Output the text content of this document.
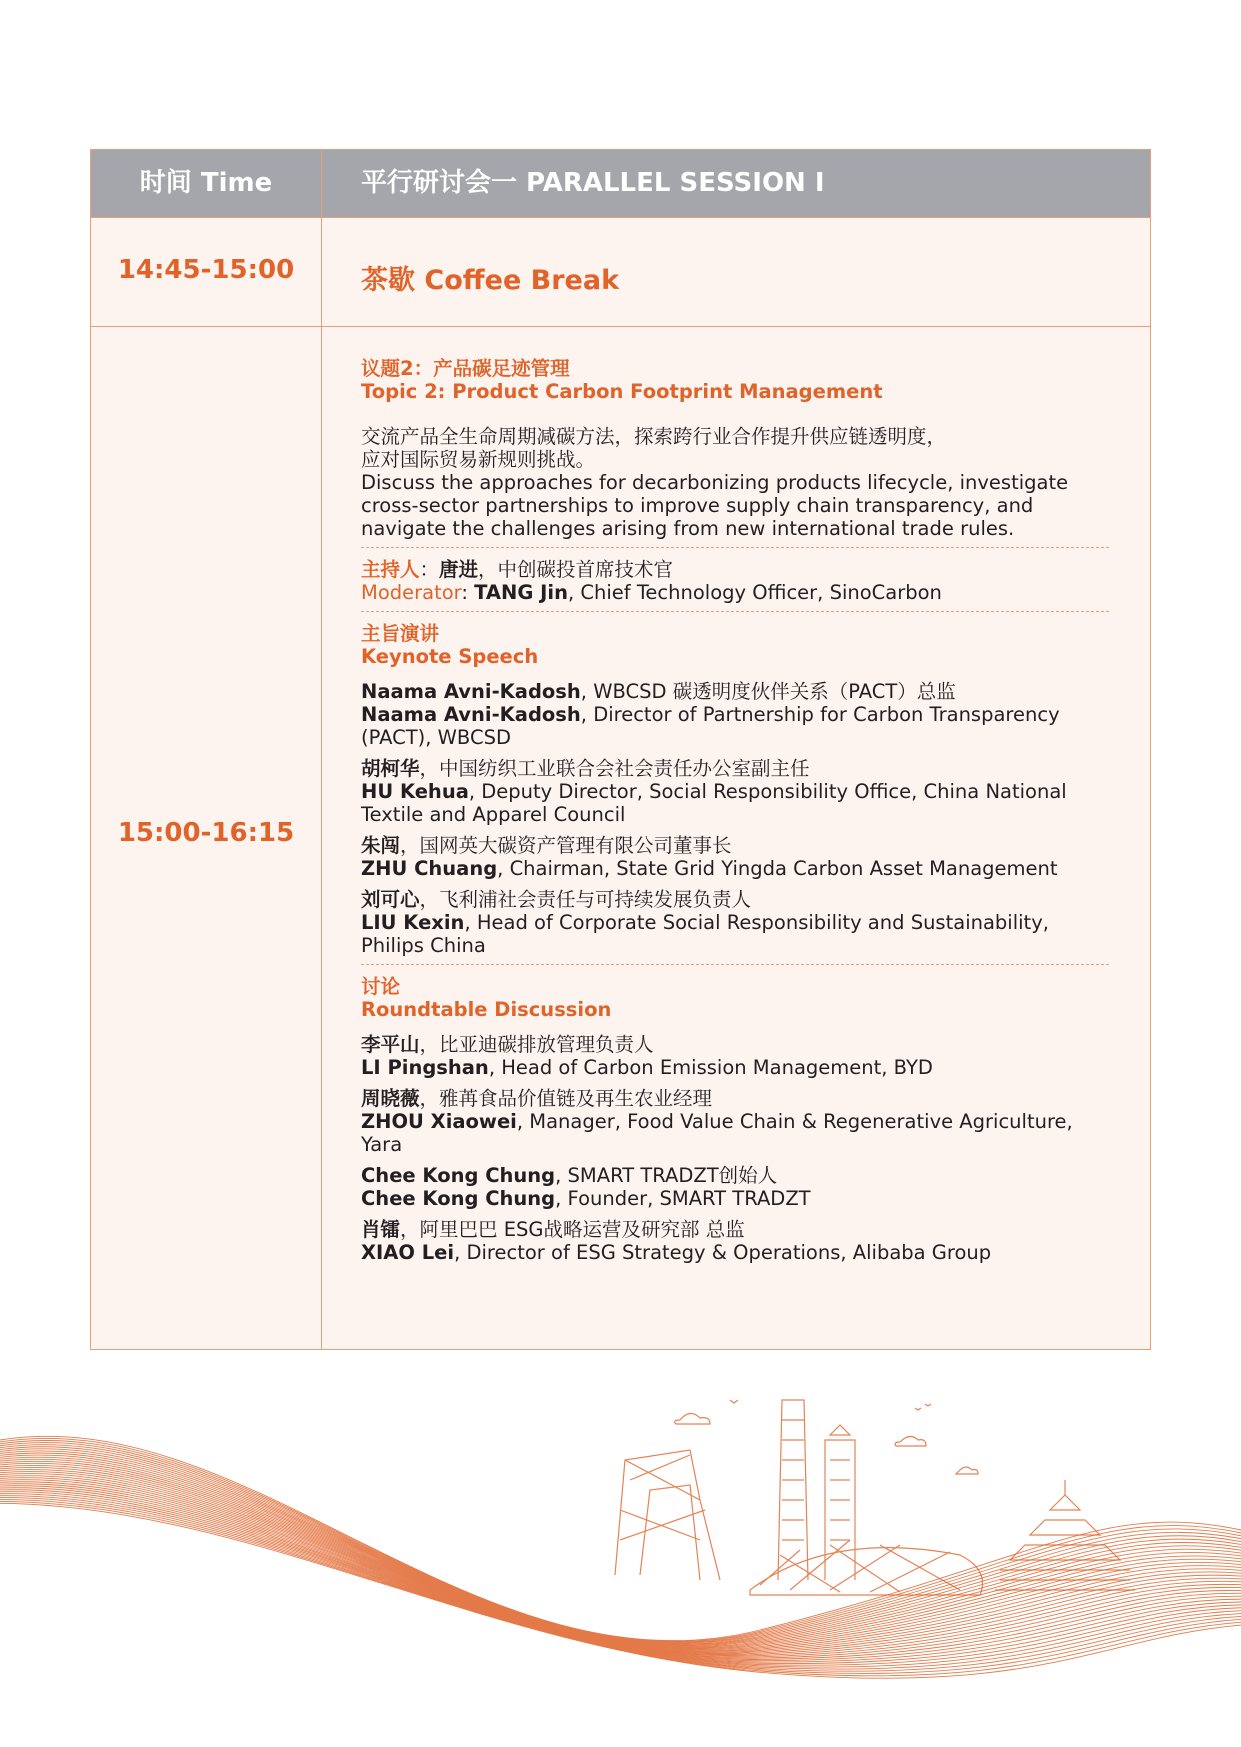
时间 Time	平行研讨会一 PARALLEL SESSION Ⅰ
14:45-15:00	茶歇 Coffee Break
15:00-16:15

议题2：产品碳足迹管理

Topic 2: Product Carbon Footprint Management

交流产品全生命周期减碳方法，探索跨行业合作提升供应链透明度，

应对国际贸易新规则挑战。

Discuss the approaches for decarbonizing products lifecycle, investigate

cross-sector partnerships to improve supply chain transparency, and

navigate the challenges arising from new international trade rules.

主持人：唐进，中创碳投首席技术官

Moderator: TANG Jin, Chief Technology Officer, SinoCarbon

主旨演讲

Keynote Speech

Naama Avni-Kadosh, WBCSD 碳透明度伙伴关系（PACT）总监

Naama Avni-Kadosh, Director of Partnership for Carbon Transparency

(PACT), WBCSD

胡柯华，中国纺织工业联合会社会责任办公室副主任

HU Kehua, Deputy Director, Social Responsibility Office, China National

Textile and Apparel Council

朱闯，国网英大碳资产管理有限公司董事长

ZHU Chuang, Chairman, State Grid Yingda Carbon Asset Management

刘可心，飞利浦社会责任与可持续发展负责人

LIU Kexin, Head of Corporate Social Responsibility and Sustainability,

Philips China

讨论

Roundtable Discussion

李平山，比亚迪碳排放管理负责人

LI Pingshan, Head of Carbon Emission Management, BYD

周晓薇，雅苒食品价值链及再生农业经理

ZHOU Xiaowei, Manager, Food Value Chain & Regenerative Agriculture, Yara

Chee Kong Chung, SMART TRADZT创始人

Chee Kong Chung, Founder, SMART TRADZT

肖镭，阿里巴巴 ESG战略运营及研究部 总监

XIAO Lei, Director of ESG Strategy & Operations, Alibaba Group
